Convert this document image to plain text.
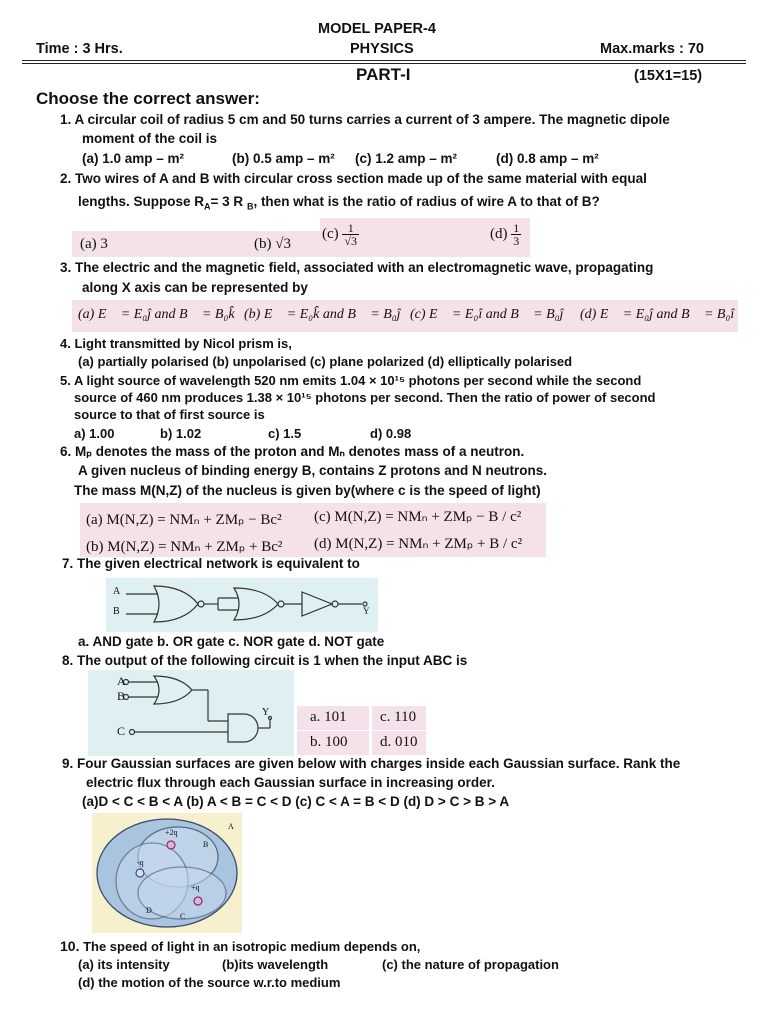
MODEL PAPER-4
Time : 3 Hrs.	PHYSICS	Max.marks : 70
PART-I	(15X1=15)
Choose the correct answer:
1. A circular coil of radius 5 cm and 50 turns carries a current of 3 ampere. The magnetic dipole
moment of the coil is
(a) 1.0 amp – m²	(b) 0.5 amp – m² (c) 1.2 amp – m²	(d) 0.8 amp – m²
2. Two wires of A and B with circular cross section made up of the same material with equal
lengths. Suppose $R_A= 3$ R $_B$, then what is the ratio of radius of wire A to that of B?
(a) 3	(b) √3
$(c) \frac{1}{√3}$	$(d) \frac{1}{3}$
3. The electric and the magnetic field, associated with an electromagnetic wave, propagating
along X axis can be represented by
(a) E⃗ = E₀ĵ and B⃗ = B₀k̂ (b) E⃗ = E₀k̂ and B⃗ = B₀ĵ (c) E⃗ = E₀î and B⃗ = B₀ĵ (d) E⃗ = E₀ĵ and B⃗ = B₀î
4. Light transmitted by Nicol prism is,
(a) partially polarised (b) unpolarised (c) plane polarized (d) elliptically polarised
5. A light source of wavelength 520 nm emits 1.04 × 10¹⁵ photons per second while the second
source of 460 nm produces 1.38 × 10¹⁵ photons per second. Then the ratio of power of second
source to that of first source is
a) 1.00	b) 1.02	c) 1.5	d) 0.98
6. Mₚ denotes the mass of the proton and Mₙ denotes mass of a neutron.
A given nucleus of binding energy B, contains Z protons and N neutrons.
The mass M(N,Z) of the nucleus is given by(where c is the speed of light)
(a) M(N,Z) = NMₙ + ZMₚ − Bc²
(b) M(N,Z) = NMₙ + ZMₚ + Bc²
(c) M(N,Z) = NMₙ + ZMₚ − B / c²
(d) M(N,Z) = NMₙ + ZMₚ + B / c²
7. The given electrical network is equivalent to
A
B	Y
a. AND gate b. OR gate c. NOR gate d. NOT gate
8. The output of the following circuit is 1 when the input ABC is
A
B
C
Y	a. 101
b. 100
c. 110
d. 010
9. Four Gaussian surfaces are given below with charges inside each Gaussian surface. Rank the
electric flux through each Gaussian surface in increasing order.
(a)D < C < B < A (b) A < B = C < D (c) C < A = B < D (d) D > C > B > A
A
B
C
D
+2q
-q
+q
10. The speed of light in an isotropic medium depends on,
(a) its intensity	(b)its wavelength	(c) the nature of propagation
(d) the motion of the source w.r.to medium
